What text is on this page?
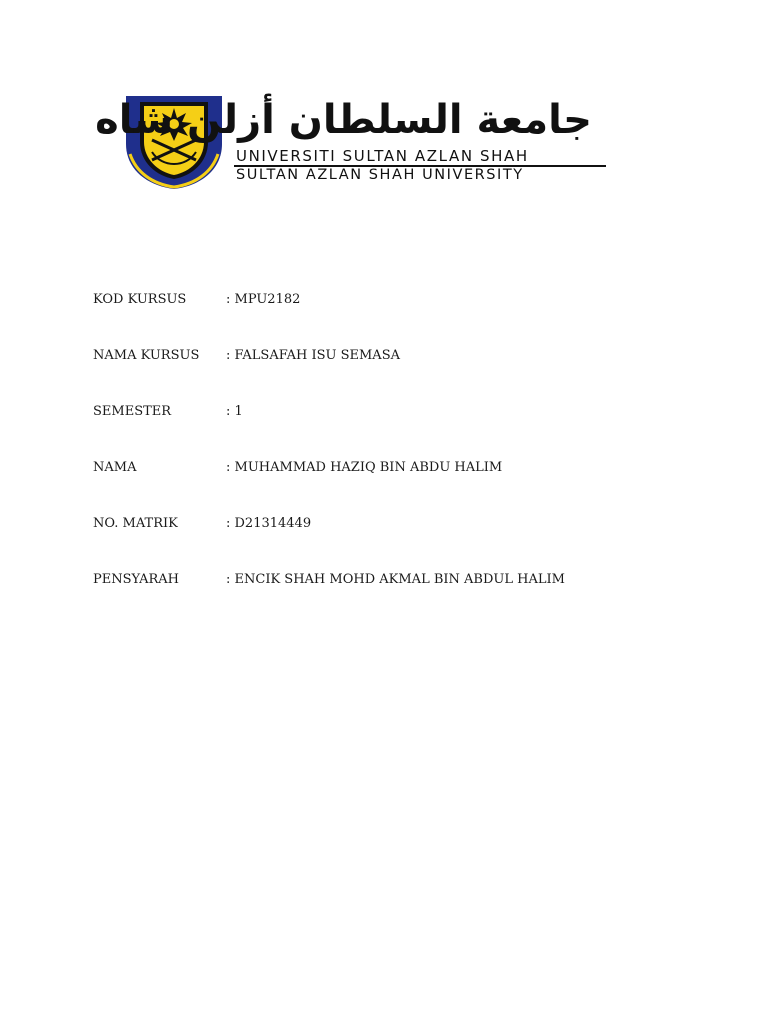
جامعة السلطان أزلن شاه
UNIVERSITI SULTAN AZLAN SHAH
SULTAN AZLAN SHAH UNIVERSITY
KOD KURSUS	: MPU2182
NAMA KURSUS : FALSAFAH ISU SEMASA
SEMESTER	: 1
NAMA	: MUHAMMAD HAZIQ BIN ABDU HALIM
NO. MATRIK	: D21314449
PENSYARAH	: ENCIK SHAH MOHD AKMAL BIN ABDUL HALIM
